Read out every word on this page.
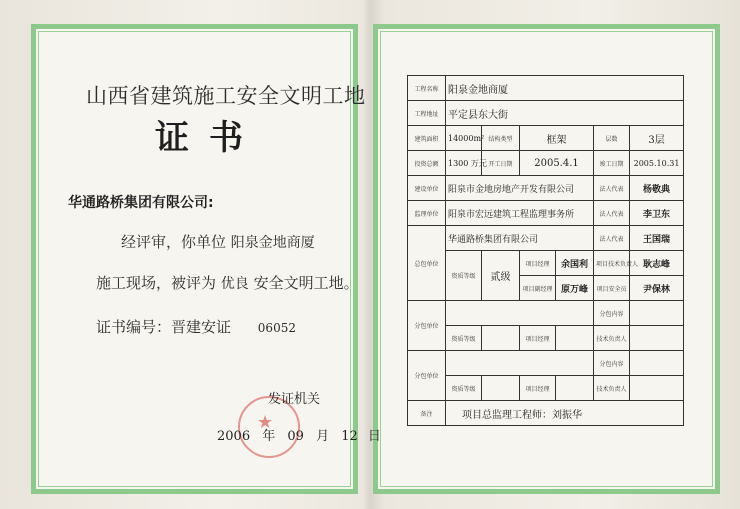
山西省建筑施工安全文明工地
证书
华通路桥集团有限公司:
经评审，你单位 阳泉金地商厦
施工现场，被评为 优良 安全文明工地。
证书编号：晋建安证 06052
★
发证机关
2006 年 09 月 12 日
工程名称	阳泉金地商厦					
工程地址	平定县东大街					
建筑面积	14000m²	结构类型	框架		层数	3层
投资总额	1300 万元	开工日期	2005.4.1		竣工日期	2005.10.31
建设单位	阳泉市金地房地产开发有限公司				法人代表	杨敬典
监理单位	阳泉市宏远建筑工程监理事务所				法人代表	李卫东
总包单位	华通路桥集团有限公司				法人代表	王国瑞
	资质等级	贰级	项目经理	余国利	项目技术负责人	耿志峰
			项目副经理	原万峰	项目安全员	尹保林
分包单位					分包内容	
	资质等级		项目经理		技术负责人	
分包单位					分包内容	
	资质等级		项目经理		技术负责人	
备注	项目总监理工程师：刘振华					
